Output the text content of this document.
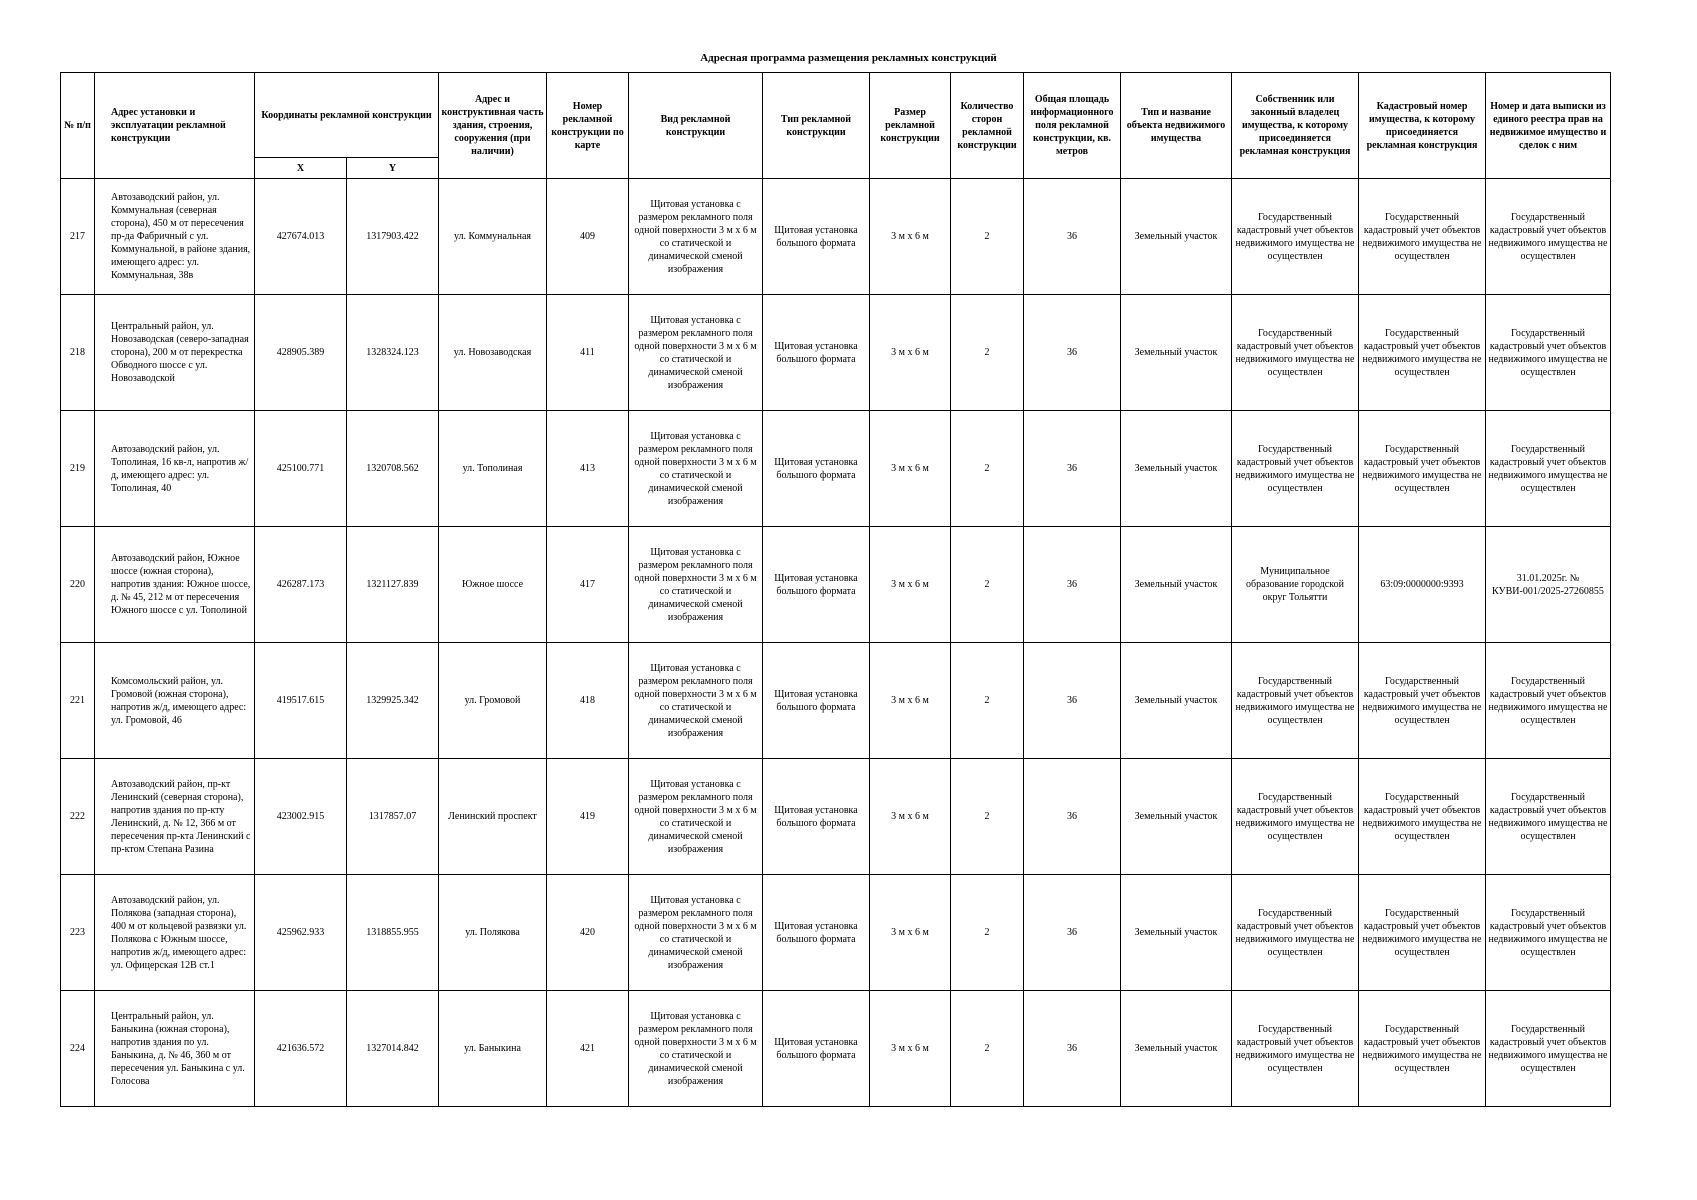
Адресная программа размещения рекламных конструкций
№ п/п	Адрес установки и эксплуатации рекламной конструкции	Координаты рекламной конструкции		Адрес и конструктивная часть здания, строения, сооружения (при наличии)	Номер рекламной конструкции по карте	Вид рекламной конструкции	Тип рекламной конструкции	Размер рекламной конструкции	Количество сторон рекламной конструкции	Общая площадь информационного поля рекламной конструкции, кв. метров	Тип и название объекта недвижимого имущества	Собственник или законный владелец имущества, к которому присоединяется рекламная конструкция	Кадастровый номер имущества, к которому присоединяется рекламная конструкция	Номер и дата выписки из единого реестра прав на недвижимое имущество и сделок с ним
		X	Y											
217	Автозаводский район, ул. Коммунальная (северная сторона), 450 м от пересечения пр-да Фабричный с ул. Коммунальной, в районе здания, имеющего адрес: ул. Коммунальная, 38в	427674.013	1317903.422	ул. Коммунальная	409	Щитовая установка с размером рекламного поля одной поверхности 3 м х 6 м со статической и динамической сменой изображения	Щитовая установка большого формата	3 м х 6 м	2	36	Земельный участок	Государственный кадастровый учет объектов недвижимого имущества не осуществлен	Государственный кадастровый учет объектов недвижимого имущества не осуществлен	Государственный кадастровый учет объектов недвижимого имущества не осуществлен
218	Центральный район, ул. Новозаводская (северо-западная сторона), 200 м от перекрестка Обводного шоссе с ул. Новозаводской	428905.389	1328324.123	ул. Новозаводская	411	Щитовая установка с размером рекламного поля одной поверхности 3 м х 6 м со статической и динамической сменой изображения	Щитовая установка большого формата	3 м х 6 м	2	36	Земельный участок	Государственный кадастровый учет объектов недвижимого имущества не осуществлен	Государственный кадастровый учет объектов недвижимого имущества не осуществлен	Государственный кадастровый учет объектов недвижимого имущества не осуществлен
219	Автозаводский район, ул. Тополиная, 16 кв-л, напротив ж/д, имеющего адрес: ул. Тополиная, 40	425100.771	1320708.562	ул. Тополиная	413	Щитовая установка с размером рекламного поля одной поверхности 3 м х 6 м со статической и динамической сменой изображения	Щитовая установка большого формата	3 м х 6 м	2	36	Земельный участок	Государственный кадастровый учет объектов недвижимого имущества не осуществлен	Государственный кадастровый учет объектов недвижимого имущества не осуществлен	Государственный кадастровый учет объектов недвижимого имущества не осуществлен
220	Автозаводский район, Южное шоссе (южная сторона), напротив здания: Южное шоссе, д. № 45, 212 м от пересечения Южного шоссе с ул. Тополиной	426287.173	1321127.839	Южное шоссе	417	Щитовая установка с размером рекламного поля одной поверхности 3 м х 6 м со статической и динамической сменой изображения	Щитовая установка большого формата	3 м х 6 м	2	36	Земельный участок	Муниципальное образование городской округ Тольятти	63:09:0000000:9393	31.01.2025г. № КУВИ-001/2025-27260855
221	Комсомольский район, ул. Громовой (южная сторона), напротив ж/д, имеющего адрес: ул. Громовой, 46	419517.615	1329925.342	ул. Громовой	418	Щитовая установка с размером рекламного поля одной поверхности 3 м х 6 м со статической и динамической сменой изображения	Щитовая установка большого формата	3 м х 6 м	2	36	Земельный участок	Государственный кадастровый учет объектов недвижимого имущества не осуществлен	Государственный кадастровый учет объектов недвижимого имущества не осуществлен	Государственный кадастровый учет объектов недвижимого имущества не осуществлен
222	Автозаводский район, пр-кт Ленинский (северная сторона), напротив здания по пр-кту Ленинский, д. № 12, 366 м от пересечения пр-кта Ленинский с пр-ктом Степана Разина	423002.915	1317857.07	Ленинский проспект	419	Щитовая установка с размером рекламного поля одной поверхности 3 м х 6 м со статической и динамической сменой изображения	Щитовая установка большого формата	3 м х 6 м	2	36	Земельный участок	Государственный кадастровый учет объектов недвижимого имущества не осуществлен	Государственный кадастровый учет объектов недвижимого имущества не осуществлен	Государственный кадастровый учет объектов недвижимого имущества не осуществлен
223	Автозаводский район, ул. Полякова (западная сторона), 400 м от кольцевой развязки ул. Полякова с Южным шоссе, напротив ж/д, имеющего адрес: ул. Офицерская 12В ст.1	425962.933	1318855.955	ул. Полякова	420	Щитовая установка с размером рекламного поля одной поверхности 3 м х 6 м со статической и динамической сменой изображения	Щитовая установка большого формата	3 м х 6 м	2	36	Земельный участок	Государственный кадастровый учет объектов недвижимого имущества не осуществлен	Государственный кадастровый учет объектов недвижимого имущества не осуществлен	Государственный кадастровый учет объектов недвижимого имущества не осуществлен
224	Центральный район, ул. Баныкина (южная сторона), напротив здания по ул. Баныкина, д. № 46, 360 м от пересечения ул. Баныкина с ул. Голосова	421636.572	1327014.842	ул. Баныкина	421	Щитовая установка с размером рекламного поля одной поверхности 3 м х 6 м со статической и динамической сменой изображения	Щитовая установка большого формата	3 м х 6 м	2	36	Земельный участок	Государственный кадастровый учет объектов недвижимого имущества не осуществлен	Государственный кадастровый учет объектов недвижимого имущества не осуществлен	Государственный кадастровый учет объектов недвижимого имущества не осуществлен
